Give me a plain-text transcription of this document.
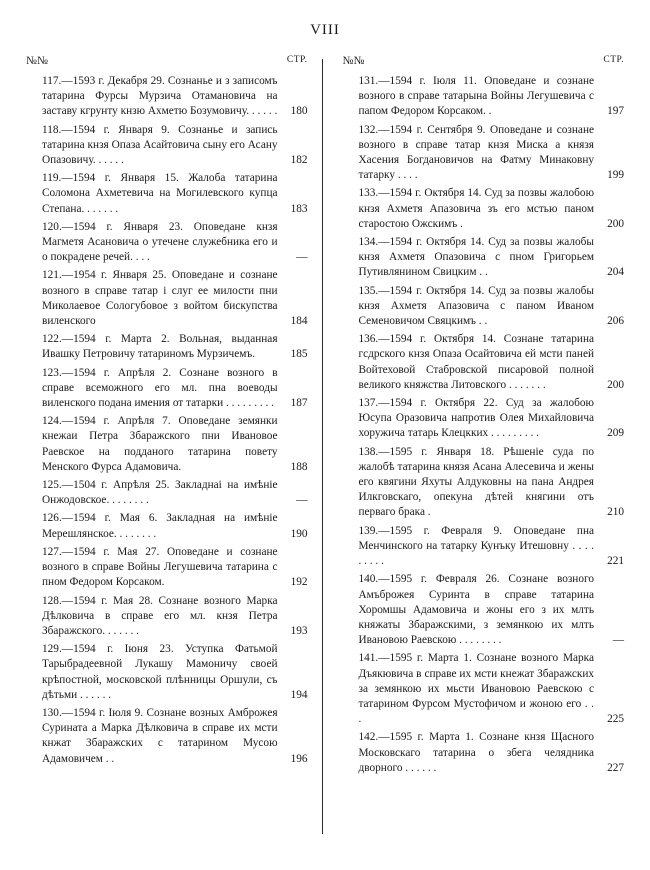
VIII
№№	СТР.
117.—1593 г. Декабря 29. Сознанье и з записомъ татарина Фурсы Мурзича Отамановича на заставу кгрунту кнзю Ахметю Бозумовичу. . . . . .	180
118.—1594 г. Января 9. Сознанье и запись татарина кнзя Опаза Асайтовича сыну его Асану Опазовичу. . . . . .	182
119.—1594 г. Января 15. Жалоба татарина Соломона Ахметевича на Могилевского купца Степана. . . . . . .	183
120.—1594 г. Января 23. Оповедане кнзя Магметя Асановича о утечене служебника его и о покрадене речей. . . .	—
121.—1954 г. Января 25. Оповедане и сознане возного в справе татар і слуг ее милости пни Миколаевое Сологубовое з войтом бискупства виленского	184
122.—1594 г. Марта 2. Вольная, выданная Ивашку Петровичу татариномъ Мурзичемъ.	185
123.—1594 г. Апрѣля 2. Сознане возного в справе всеможного его мл. пна воеводы виленского подана имения от татарки . . . . . . . . .	187
124.—1594 г. Апрѣля 7. Оповедане земянки кнежаи Петра Збаражского пни Ивановое Раевское на подданого татарина повету Менского Фурса Адамовича.	188
125.—1504 г. Апрѣля 25. Закладнаі на имѣніе Онжодовское. . . . . . . .	—
126.—1594 г. Мая 6. Закладная на имѣніе Мерешлянское. . . . . . . .	190
127.—1594 г. Мая 27. Оповедане и сознане возного в справе Войны Легушевича татарина с пном Федором Корсаком.	192
128.—1594 г. Мая 28. Сознане возного Марка Дѣлковича в справе его мл. кнзя Петра Збаражского. . . . . . .	193
129.—1594 г. Іюня 23. Уступка Фатьмой Тарыбрадеевной Лукашу Мамоничу своей крѣпостной, московской плѣнницы Оршули, съ дѣтьми . . . . . .	194
130.—1594 г. Іюля 9. Сознане возных Амброжея Сурината а Марка Дѣлковича в справе их мсти кнжат Збаражских с татарином Мусою Адамовичем . .	196
№№	СТР.
131.—1594 г. Іюля 11. Оповедане и сознане возного в справе татарына Войны Легушевича с папом Федором Корсаком. .	197
132.—1594 г. Сентября 9. Оповедане и сознане возного в справе татар кнзя Миска а князя Хасения Богдановичов на Фатму Минаковну татарку . . . .	199
133.—1594 г. Октября 14. Суд за позвы жалобою кнзя Ахметя Апазовича зъ его мстью паном старостою Ожскимъ .	200
134.—1594 г. Октября 14. Суд за позвы жалобы кнзя Ахметя Опазовича с пном Григорьем Путивлянином Свицким . .	204
135.—1594 г. Октября 14. Суд за позвы жалобы кнзя Ахметя Апазовича с паном Иваном Семеновичом Свяцкимъ . .	206
136.—1594 г. Октября 14. Сознане татарина гсдрского кнзя Опаза Осайтовича ей мсти паней Войтеховой Стабровской писаровой полной великого княжства Литовского . . . . . . .	200
137.—1594 г. Октября 22. Суд за жалобою Юсупа Оразовича напротив Олея Михайловича хоружича татарь Клецкких . . . . . . . . .	209
138.—1595 г. Января 18. Рѣшеніе суда по жалобѣ татарина князя Асана Алесевича и жены его квягини Яхуты Алдуковны на пана Андрея Илкговскаго, опекуна дѣтей княгини отъ перваго брака .	210
139.—1595 г. Февраля 9. Оповедане пна Менчинского на татарку Кунъку Итешовну . . . . . . . . .	221
140.—1595 г. Февраля 26. Сознане возного Амъброжея Суринта в справе татарина Хоромшы Адамовича и жоны его з их млть княжаты Збаражскими, з земянкою их млть Ивановою Раевскою . . . . . . . .	—
141.—1595 г. Марта 1. Сознане возного Марка Дъякювича в справе их мсти кнежат Збаражских за земянкою их мьсти Ивановою Раевскою с татарином Фурсом Мустофичом и жоною его . . .	225
142.—1595 г. Марта 1. Сознане кнзя Щасного Московскаго татарина о збега челядника дворного . . . . . .	227
